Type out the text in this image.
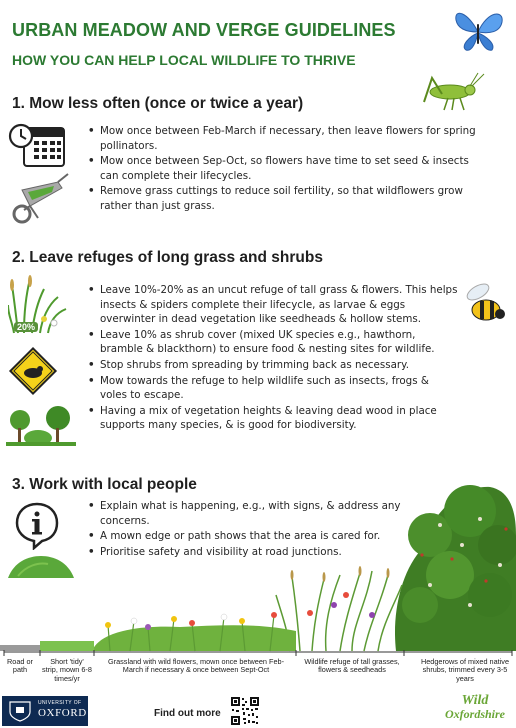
URBAN MEADOW AND VERGE GUIDELINES
HOW YOU CAN HELP LOCAL WILDLIFE TO THRIVE
1. Mow less often (once or twice a year)
• Mow once between Feb-March if necessary, then leave flowers for spring pollinators.
• Mow once between Sep-Oct, so flowers have time to set seed & insects can complete their lifecycles.
• Remove grass cuttings to reduce soil fertility, so that wildflowers grow rather than just grass.
2. Leave refuges of long grass and shrubs
20%
• Leave 10%-20% as an uncut refuge of tall grass & flowers. This helps insects & spiders complete their lifecycle, as larvae & eggs overwinter in dead vegetation like seedheads & hollow stems.
• Leave 10% as shrub cover (mixed UK species e.g., hawthorn, bramble & blackthorn) to ensure food & nesting sites for wildlife.
• Stop shrubs from spreading by trimming back as necessary.
• Mow towards the refuge to help wildlife such as insects, frogs & voles to escape.
• Having a mix of vegetation heights & leaving dead wood in place supports many species, & is good for biodiversity.
3. Work with local people
• Explain what is happening, e.g., with signs, & address any concerns.
• A mown edge or path shows that the area is cared for.
• Prioritise safety and visibility at road junctions.
Road or path
Short 'tidy' strip, mown 6-8 times/yr
Grassland with wild flowers, mown once between Feb-March if necessary & once between Sept-Oct
Wildlife refuge of tall grasses, flowers & seedheads
Hedgerows of mixed native shrubs, trimmed every 3-5 years
UNIVERSITY OF
OXFORD	Find out more
Wild
Oxfordshire
